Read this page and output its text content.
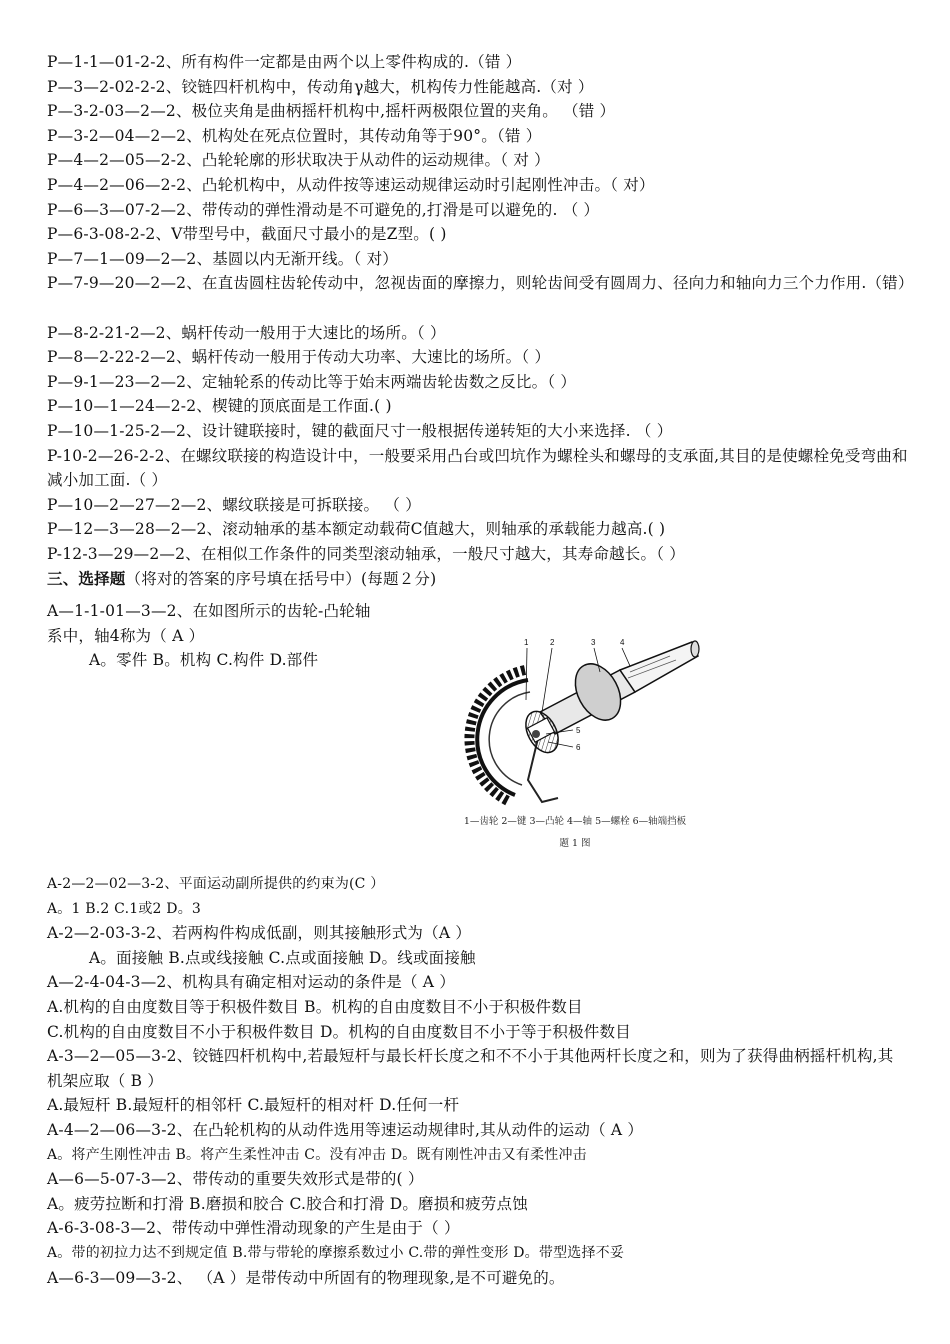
P—1-1—01-2-2、所有构件一定都是由两个以上零件构成的.（错 ）
P—3—2-02-2-2、铰链四杆机构中，传动角γ越大，机构传力性能越高.（对 ）
P—3-2-03—2—2、极位夹角是曲柄摇杆机构中,摇杆两极限位置的夹角。 （错 ）
P—3-2—04—2—2、机构处在死点位置时，其传动角等于90°。（错 ）
P—4—2—05—2-2、凸轮轮廓的形状取决于从动件的运动规律。（ 对 ）
P—4—2—06—2-2、凸轮机构中，从动件按等速运动规律运动时引起刚性冲击。（ 对）
P—6—3—07-2—2、带传动的弹性滑动是不可避免的,打滑是可以避免的. （ ）
P—6-3-08-2-2、V带型号中，截面尺寸最小的是Z型。( )
P—7—1—09—2—2、基圆以内无渐开线。（ 对）
P—7-9—20—2—2、在直齿圆柱齿轮传动中，忽视齿面的摩擦力，则轮齿间受有圆周力、径向力和轴向力三个力作用.（错）
P—8-2-21-2—2、蜗杆传动一般用于大速比的场所。（ ）
P—8—2-22-2—2、蜗杆传动一般用于传动大功率、大速比的场所。（ ）
P—9-1—23—2—2、定轴轮系的传动比等于始末两端齿轮齿数之反比。（ ）
P—10—1—24—2-2、楔键的顶底面是工作面.( )
P—10—1-25-2—2、设计键联接时，键的截面尺寸一般根据传递转矩的大小来选择. （ ）
P-10-2—26-2-2、在螺纹联接的构造设计中，一般要采用凸台或凹坑作为螺栓头和螺母的支承面,其目的是使螺栓免受弯曲和减小加工面.（ ）
P—10—2—27—2—2、螺纹联接是可拆联接。 （ ）
P—12—3—28—2—2、滚动轴承的基本额定动载荷C值越大，则轴承的承载能力越高.( )
P-12-3—29—2—2、在相似工作条件的同类型滚动轴承，一般尺寸越大，其寿命越长。（ ）
三、选择题（将对的答案的序号填在括号中）(每题２分)
A—1-1-01—3—2、在如图所示的齿轮-凸轮轴
系中，轴4称为（ A ）
A。零件 B。机构 C.构件 D.部件
1	2	3	4
5
6
1—齿轮 2—键 3—凸轮 4—轴 5—螺栓 6—轴端挡板
题 1 图
A-2—2—02—3-2、平面运动副所提供的约束为(C ）
A。1 B.2 C.1或2 D。3
A-2—2-03-3-2、若两构件构成低副，则其接触形式为（A ）
A。面接触 B.点或线接触 C.点或面接触 D。线或面接触
A—2-4-04-3—2、机构具有确定相对运动的条件是（ A ）
A.机构的自由度数目等于积极件数目 B。机构的自由度数目不小于积极件数目
C.机构的自由度数目不小于积极件数目 D。机构的自由度数目不小于等于积极件数目
A-3—2—05—3-2、铰链四杆机构中,若最短杆与最长杆长度之和不不小于其他两杆长度之和，则为了获得曲柄摇杆机构,其机架应取（ B ）
A.最短杆 B.最短杆的相邻杆 C.最短杆的相对杆 D.任何一杆
A-4—2—06—3-2、在凸轮机构的从动件选用等速运动规律时,其从动件的运动（ A ）
A。将产生刚性冲击 B。将产生柔性冲击 C。没有冲击 D。既有刚性冲击又有柔性冲击
A—6—5-07-3—2、带传动的重要失效形式是带的( ）
A。疲劳拉断和打滑 B.磨损和胶合 C.胶合和打滑 D。磨损和疲劳点蚀
A-6-3-08-3—2、带传动中弹性滑动现象的产生是由于（ ）
A。带的初拉力达不到规定值 B.带与带轮的摩擦系数过小 C.带的弹性变形 D。带型选择不妥
A—6-3—09—3-2、 （A ）是带传动中所固有的物理现象,是不可避免的。
